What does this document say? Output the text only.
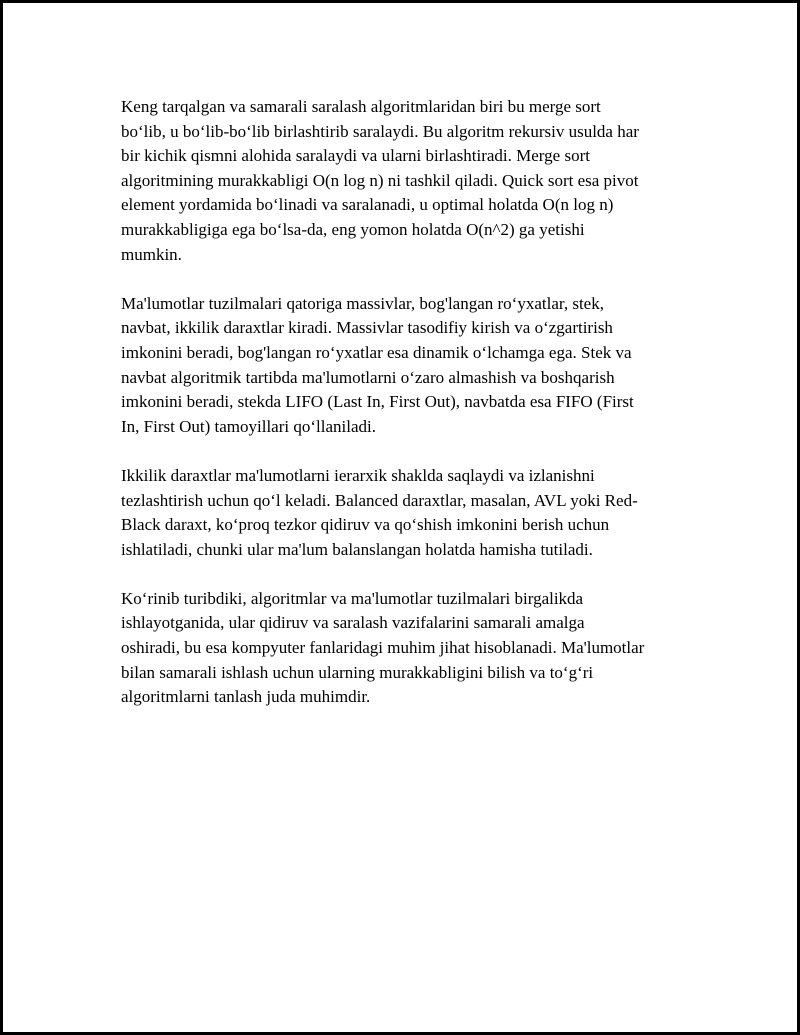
Keng tarqalgan va samarali saralash algoritmlaridan biri bu merge sort
bo‘lib, u bo‘lib-bo‘lib birlashtirib saralaydi. Bu algoritm rekursiv usulda har
bir kichik qismni alohida saralaydi va ularni birlashtiradi. Merge sort
algoritmining murakkabligi O(n log n) ni tashkil qiladi. Quick sort esa pivot
element yordamida bo‘linadi va saralanadi, u optimal holatda O(n log n)
murakkabligiga ega bo‘lsa-da, eng yomon holatda O(n^2) ga yetishi
mumkin.

Ma'lumotlar tuzilmalari qatoriga massivlar, bog'langan ro‘yxatlar, stek,
navbat, ikkilik daraxtlar kiradi. Massivlar tasodifiy kirish va o‘zgartirish
imkonini beradi, bog'langan ro‘yxatlar esa dinamik o‘lchamga ega. Stek va
navbat algoritmik tartibda ma'lumotlarni o‘zaro almashish va boshqarish
imkonini beradi, stekda LIFO (Last In, First Out), navbatda esa FIFO (First
In, First Out) tamoyillari qo‘llaniladi.

Ikkilik daraxtlar ma'lumotlarni ierarxik shaklda saqlaydi va izlanishni
tezlashtirish uchun qo‘l keladi. Balanced daraxtlar, masalan, AVL yoki Red-
Black daraxt, ko‘proq tezkor qidiruv va qo‘shish imkonini berish uchun
ishlatiladi, chunki ular ma'lum balanslangan holatda hamisha tutiladi.

Ko‘rinib turibdiki, algoritmlar va ma'lumotlar tuzilmalari birgalikda
ishlayotganida, ular qidiruv va saralash vazifalarini samarali amalga
oshiradi, bu esa kompyuter fanlaridagi muhim jihat hisoblanadi. Ma'lumotlar
bilan samarali ishlash uchun ularning murakkabligini bilish va to‘g‘ri
algoritmlarni tanlash juda muhimdir.
